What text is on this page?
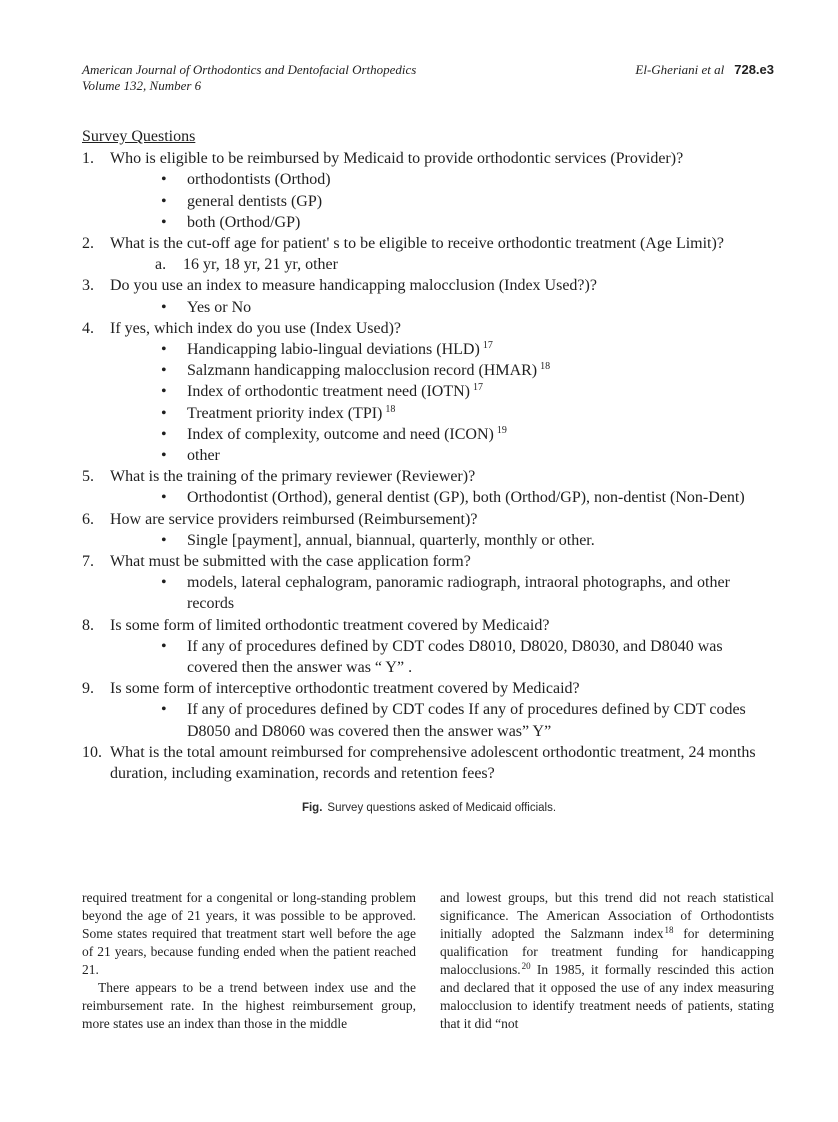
American Journal of Orthodontics and Dentofacial Orthopedics
Volume 132, Number 6
El-Gheriani et al 728.e3
Survey Questions
1.	Who is eligible to be reimbursed by Medicaid to provide orthodontic services (Provider)?
•	orthodontists (Orthod)
•	general dentists (GP)
•	both (Orthod/GP)
2.	What is the cut-off age for patient' s to be eligible to receive orthodontic treatment (Age Limit)?
a.	16 yr, 18 yr, 21 yr, other
3.	Do you use an index to measure handicapping malocclusion (Index Used?)?
•	Yes or No
4.	If yes, which index do you use (Index Used)?
•	Handicapping labio-lingual deviations (HLD) $^{17}$
•	Salzmann handicapping malocclusion record (HMAR) $^{18}$
•	Index of orthodontic treatment need (IOTN) $^{17}$
•	Treatment priority index (TPI) $^{18}$
•	Index of complexity, outcome and need (ICON) $^{19}$
•	other
5.	What is the training of the primary reviewer (Reviewer)?
•	Orthodontist (Orthod), general dentist (GP), both (Orthod/GP), non-dentist (Non-Dent)
6.	How are service providers reimbursed (Reimbursement)?
•	Single [payment], annual, biannual, quarterly, monthly or other.
7.	What must be submitted with the case application form?
•	models, lateral cephalogram, panoramic radiograph, intraoral photographs, and other records
8.	Is some form of limited orthodontic treatment covered by Medicaid?
•	If any of procedures defined by CDT codes D8010, D8020, D8030, and D8040 was covered then the answer was “ Y” .
9.	Is some form of interceptive orthodontic treatment covered by Medicaid?
•	If any of procedures defined by CDT codes If any of procedures defined by CDT codes D8050 and D8060 was covered then the answer was” Y”
10. What is the total amount reimbursed for comprehensive adolescent orthodontic treatment, 24 months duration, including examination, records and retention fees?
Fig. Survey questions asked of Medicaid officials.

required treatment for a congenital or long-standing problem beyond the age of 21 years, it was possible to be approved. Some states required that treatment start well before the age of 21 years, because funding ended when the patient reached 21.

There appears to be a trend between index use and the reimbursement rate. In the highest reimbursement group, more states use an index than those in the middle

and lowest groups, but this trend did not reach statistical significance. The American Association of Orthodontists initially adopted the Salzmann index$^{18}$ for determining qualification for treatment funding for handicapping malocclusions.$^{20}$ In 1985, it formally rescinded this action and declared that it opposed the use of any index measuring malocclusion to identify treatment needs of patients, stating that it did “not
